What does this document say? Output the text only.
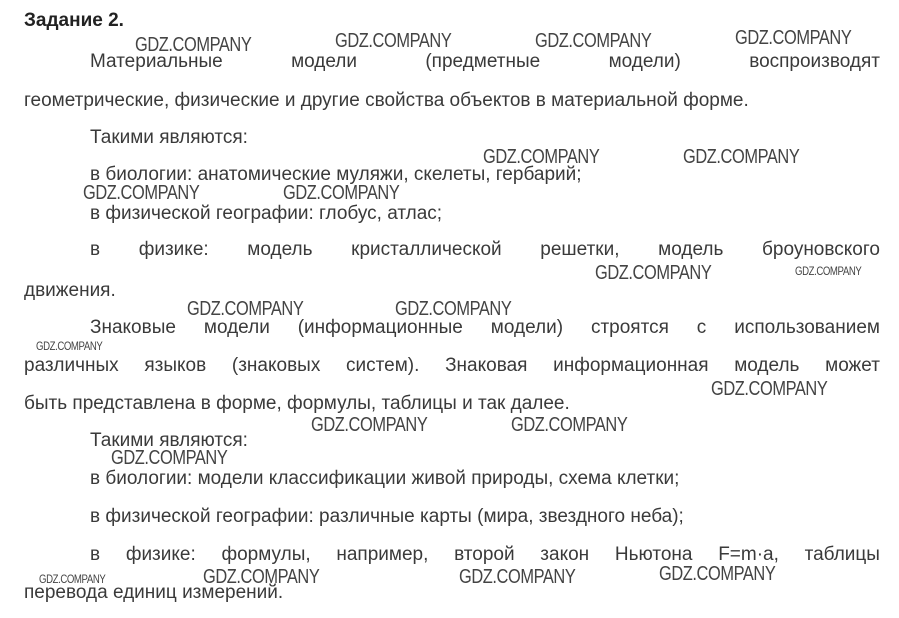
Задание 2.
Материальные	модели	(предметные	модели)	воспроизводят
геометрические, физические и другие свойства объектов в материальной форме.
Такими являются:
в биологии: анатомические муляжи, скелеты, гербарий;
в физической географии: глобус, атлас;
в физике: модель кристаллической решетки, модель броуновского
движения.
Знаковые модели (информационные модели) строятся с использованием
различных языков (знаковых систем). Знаковая информационная модель может
быть представлена в форме, формулы, таблицы и так далее.
Такими являются:
в биологии: модели классификации живой природы, схема клетки;
в физической географии: различные карты (мира, звездного неба);
в физике: формулы, например, второй закон Ньютона F=m·a, таблицы
перевода единиц измерений.
GDZ.COMPANY	GDZ.COMPANY	GDZ.COMPANY	GDZ.COMPANY
GDZ.COMPANY	GDZ.COMPANY
GDZ.COMPANY	GDZ.COMPANY
GDZ.COMPANY	GDZ.COMPANY
GDZ.COMPANY	GDZ.COMPANY
GDZ.COMPANY
GDZ.COMPANY
GDZ.COMPANY	GDZ.COMPANY
GDZ.COMPANY
GDZ.COMPANY	GDZ.COMPANY	GDZ.COMPANY	GDZ.COMPANY
